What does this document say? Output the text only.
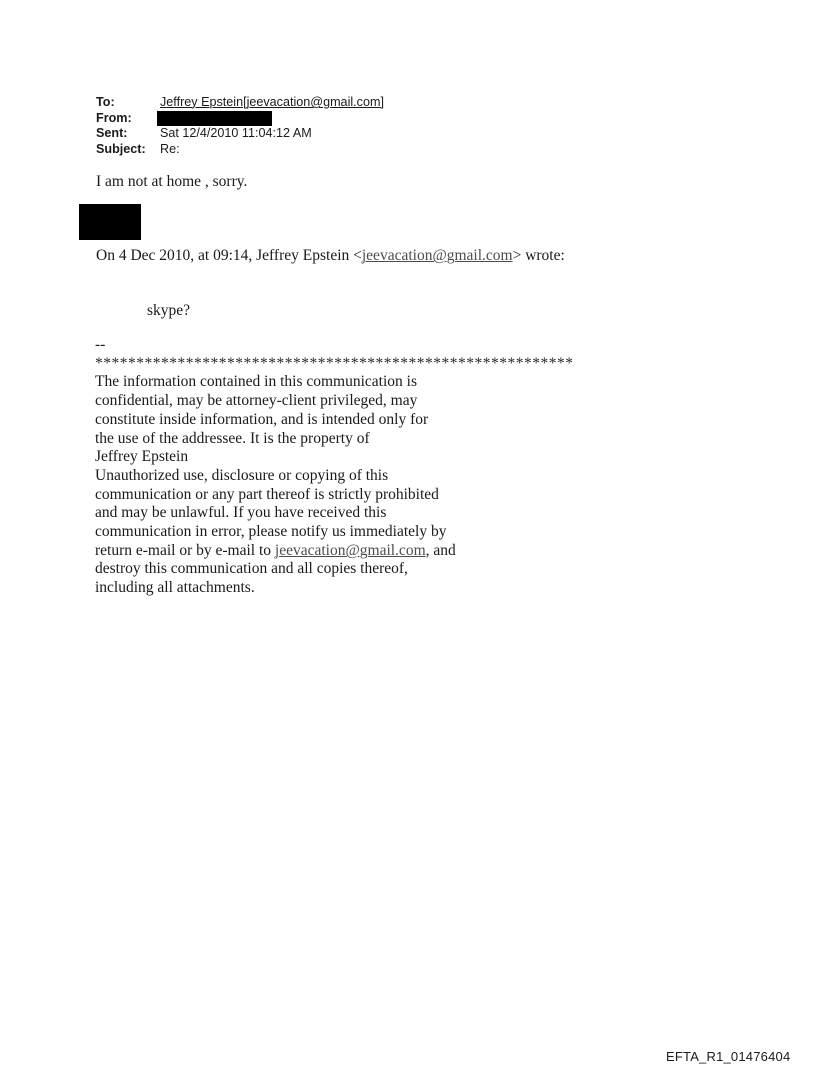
To:	Jeffrey Epstein[jeevacation@gmail.com]
From:
Sent:	Sat 12/4/2010 11:04:12 AM
Subject:	Re:
I am not at home , sorry.
On 4 Dec 2010, at 09:14, Jeffrey Epstein <jeevacation@gmail.com> wrote:
skype?
--
**********************************************************
The information contained in this communication is
confidential, may be attorney-client privileged, may
constitute inside information, and is intended only for
the use of the addressee. It is the property of
Jeffrey Epstein
Unauthorized use, disclosure or copying of this
communication or any part thereof is strictly prohibited
and may be unlawful. If you have received this
communication in error, please notify us immediately by
return e-mail or by e-mail to jeevacation@gmail.com, and
destroy this communication and all copies thereof,
including all attachments.
EFTA_R1_01476404
